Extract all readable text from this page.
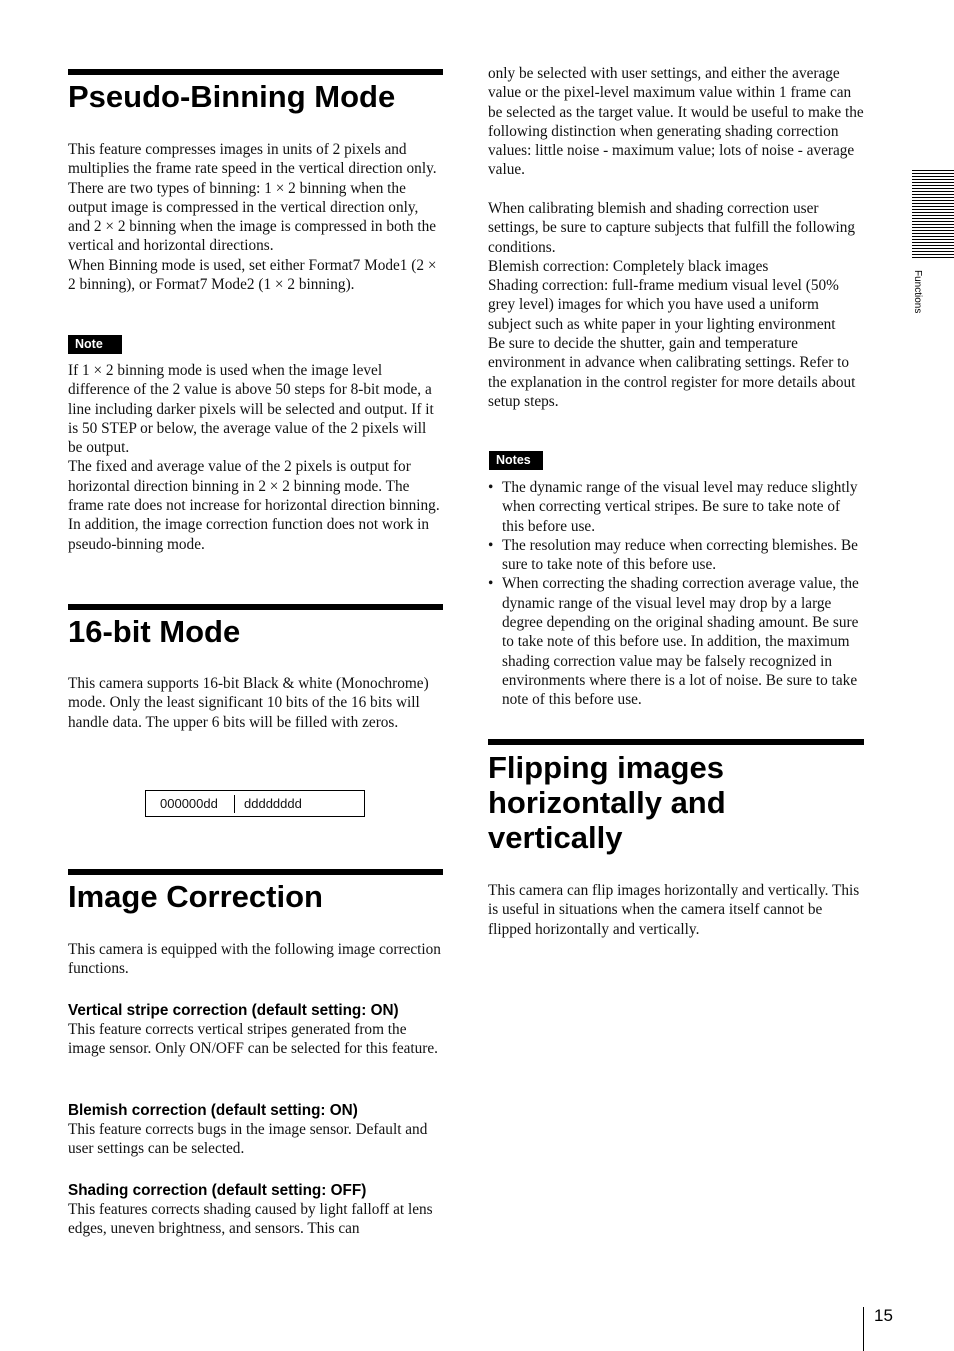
Pseudo-Binning Mode

This feature compresses images in units of 2 pixels and multiplies the frame rate speed in the vertical direction only.

There are two types of binning: 1 × 2 binning when the output image is compressed in the vertical direction only, and 2 × 2 binning when the image is compressed in both the vertical and horizontal directions.

When Binning mode is used, set either Format7 Mode1 (2 × 2 binning), or Format7 Mode2 (1 × 2 binning).

Note

If 1 × 2 binning mode is used when the image level difference of the 2 value is above 50 steps for 8-bit mode, a line including darker pixels will be selected and output. If it is 50 STEP or below, the average value of the 2 pixels will be output.

The fixed and average value of the 2 pixels is output for horizontal direction binning in 2 × 2 binning mode. The frame rate does not increase for horizontal direction binning.

In addition, the image correction function does not work in pseudo-binning mode.

16-bit Mode

This camera supports 16-bit Black & white (Monochrome) mode. Only the least significant 10 bits of the 16 bits will handle data. The upper 6 bits will be filled with zeros.

000000dd dddddddd
Image Correction

This camera is equipped with the following image correction functions.

Vertical stripe correction (default setting: ON)

This feature corrects vertical stripes generated from the image sensor. Only ON/OFF can be selected for this feature.

Blemish correction (default setting: ON)

This feature corrects bugs in the image sensor. Default and user settings can be selected.

Shading correction (default setting: OFF)

This features corrects shading caused by light falloff at lens edges, uneven brightness, and sensors. This can

only be selected with user settings, and either the average value or the pixel-level maximum value within 1 frame can be selected as the target value. It would be useful to make the following distinction when generating shading correction values: little noise - maximum value; lots of noise - average value.

When calibrating blemish and shading correction user settings, be sure to capture subjects that fulfill the following conditions.

Blemish correction: Completely black images

Shading correction: full-frame medium visual level (50% grey level) images for which you have used a uniform subject such as white paper in your lighting environment

Be sure to decide the shutter, gain and temperature environment in advance when calibrating settings. Refer to the explanation in the control register for more details about setup steps.

Notes
• The dynamic range of the visual level may reduce slightly when correcting vertical stripes. Be sure to take note of this before use.
• The resolution may reduce when correcting blemishes. Be sure to take note of this before use.
• When correcting the shading correction average value, the dynamic range of the visual level may drop by a large degree depending on the original shading amount. Be sure to take note of this before use. In addition, the maximum shading correction value may be falsely recognized in environments where there is a lot of noise. Be sure to take note of this before use.
Flipping images horizontally and vertically

This camera can flip images horizontally and vertically. This is useful in situations when the camera itself cannot be flipped horizontally and vertically.

Functions
15
